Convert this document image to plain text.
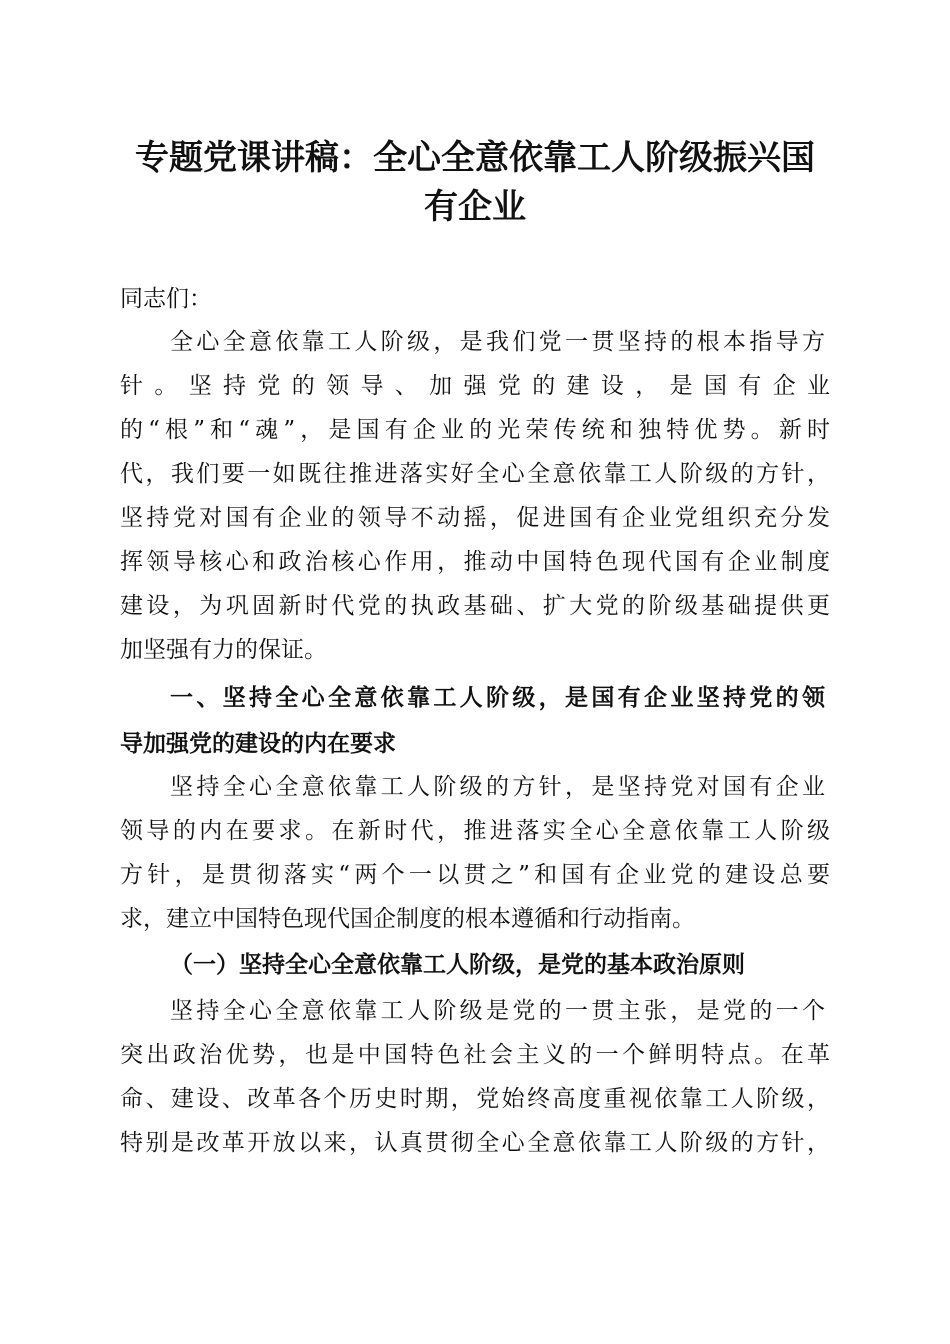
专题党课讲稿：全心全意依靠工人阶级振兴国
有企业
同志们：
全心全意依靠工人阶级，是我们党一贯坚持的根本指导方
针。坚持党的领导、加强党的建设，是国有企业
的“根”和“魂”，是国有企业的光荣传统和独特优势。新时
代，我们要一如既往推进落实好全心全意依靠工人阶级的方针，
坚持党对国有企业的领导不动摇，促进国有企业党组织充分发
挥领导核心和政治核心作用，推动中国特色现代国有企业制度
建设，为巩固新时代党的执政基础、扩大党的阶级基础提供更
加坚强有力的保证。
一、坚持全心全意依靠工人阶级，是国有企业坚持党的领
导加强党的建设的内在要求
坚持全心全意依靠工人阶级的方针，是坚持党对国有企业
领导的内在要求。在新时代，推进落实全心全意依靠工人阶级
方针，是贯彻落实“两个一以贯之”和国有企业党的建设总要
求，建立中国特色现代国企制度的根本遵循和行动指南。
（一）坚持全心全意依靠工人阶级，是党的基本政治原则
坚持全心全意依靠工人阶级是党的一贯主张，是党的一个
突出政治优势，也是中国特色社会主义的一个鲜明特点。在革
命、建设、改革各个历史时期，党始终高度重视依靠工人阶级，
特别是改革开放以来，认真贯彻全心全意依靠工人阶级的方针，
